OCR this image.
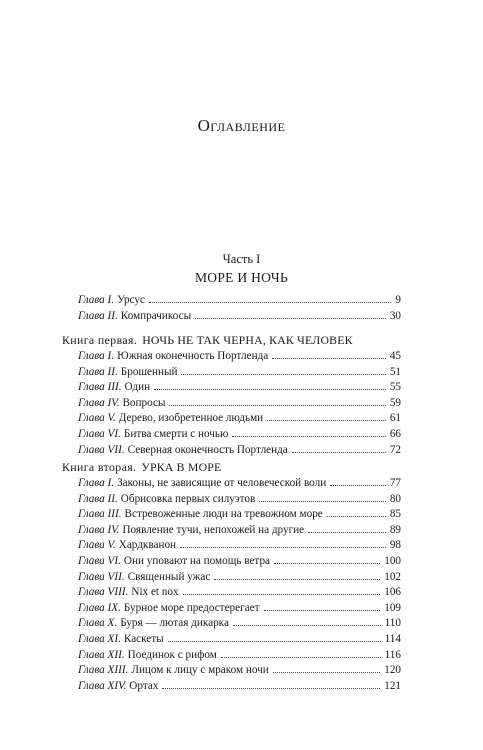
Оглавление
Часть I
МОРЕ И НОЧЬ
Глава I. Урсус	9
Глава II. Компрачикосы	30
Книга первая. НОЧЬ НЕ ТАК ЧЕРНА, КАК ЧЕЛОВЕК
Глава I. Южная оконечность Портленда	45
Глава II. Брошенный	51
Глава III. Один	55
Глава IV. Вопросы	59
Глава V. Дерево, изобретенное людьми	61
Глава VI. Битва смерти с ночью	66
Глава VII. Северная оконечность Портленда	72
Книга вторая. УРКА В МОРЕ
Глава I. Законы, не зависящие от человеческой воли	77
Глава II. Обрисовка первых силуэтов	80
Глава III. Встревоженные люди на тревожном море	85
Глава IV. Появление тучи, непохожей на другие	89
Глава V. Хардкванон	98
Глава VI. Они уповают на помощь ветра	100
Глава VII. Священный ужас	102
Глава VIII. Nix et nox	106
Глава IX. Бурное море предостерегает	109
Глава X. Буря — лютая дикарка	110
Глава XI. Каскеты	114
Глава XII. Поединок с рифом	116
Глава XIII. Лицом к лицу с мраком ночи	120
Глава XIV. Ортах	121
